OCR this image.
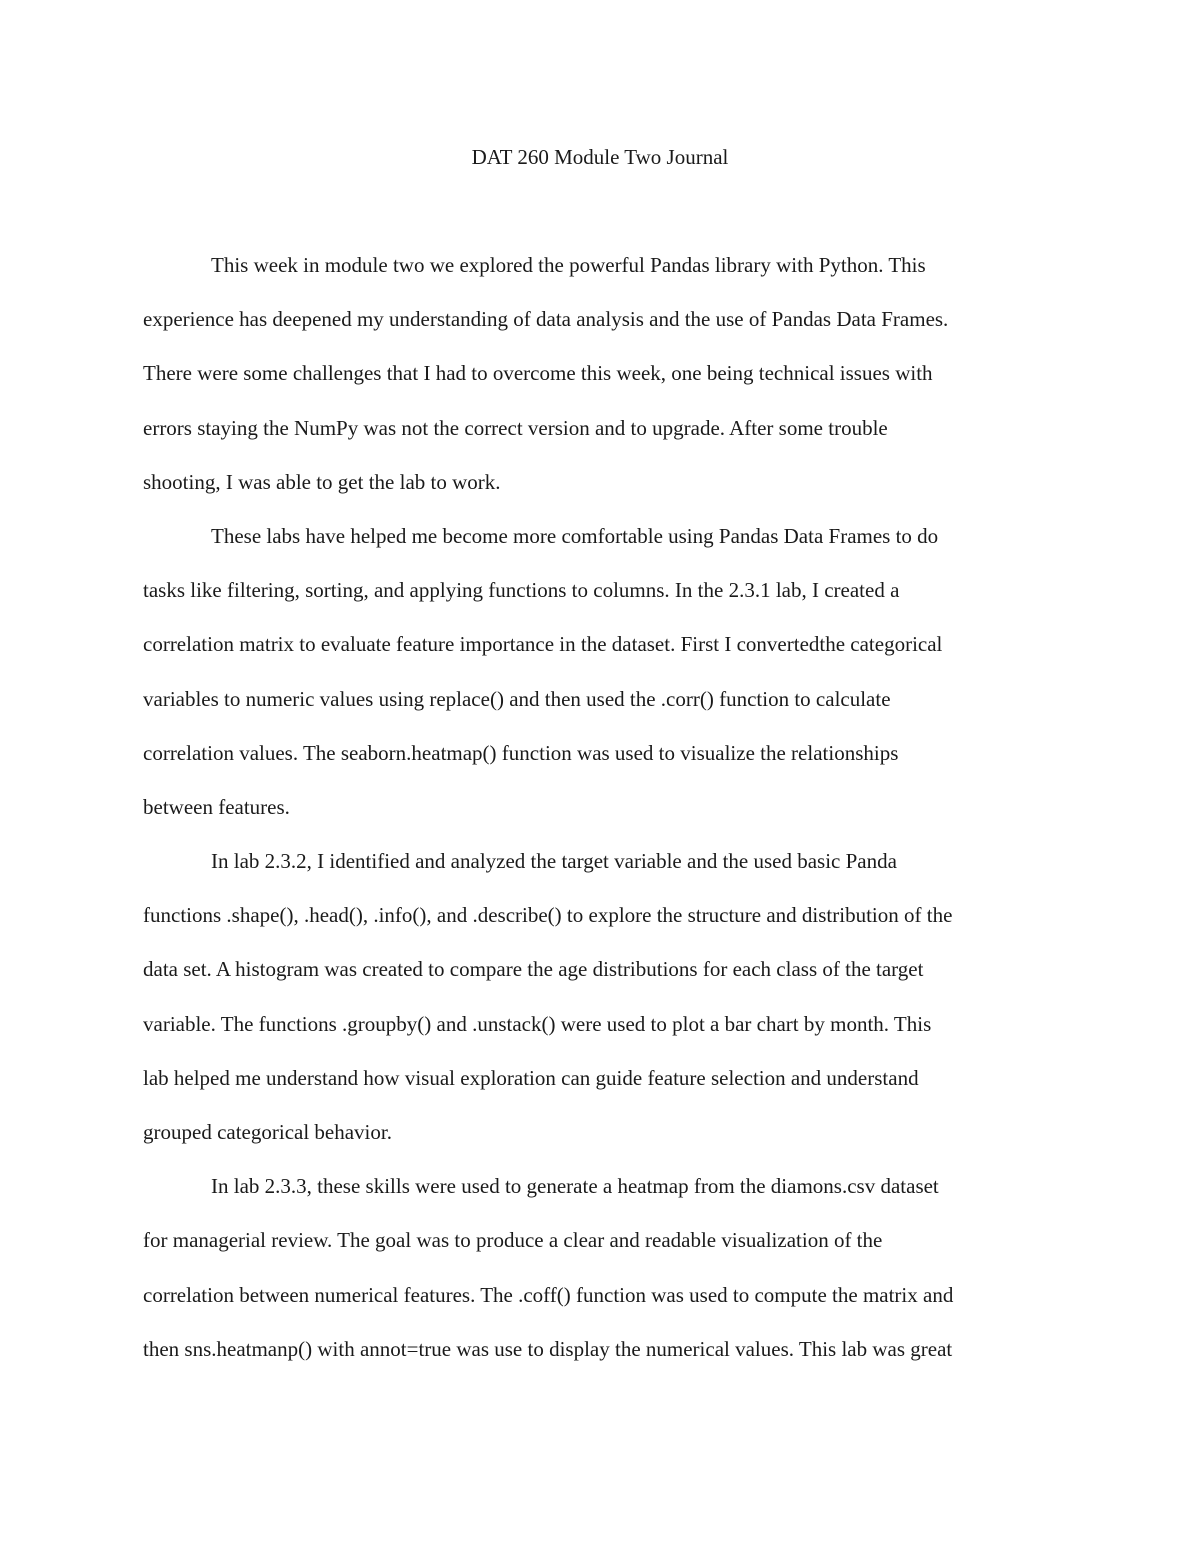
DAT 260 Module Two Journal
This week in module two we explored the powerful Pandas library with Python. This
experience has deepened my understanding of data analysis and the use of Pandas Data Frames.
There were some challenges that I had to overcome this week, one being technical issues with
errors staying the NumPy was not the correct version and to upgrade. After some trouble
shooting, I was able to get the lab to work.
These labs have helped me become more comfortable using Pandas Data Frames to do
tasks like filtering, sorting, and applying functions to columns. In the 2.3.1 lab, I created a
correlation matrix to evaluate feature importance in the dataset. First I convertedthe categorical
variables to numeric values using replace() and then used the .corr() function to calculate
correlation values. The seaborn.heatmap() function was used to visualize the relationships
between features.
In lab 2.3.2, I identified and analyzed the target variable and the used basic Panda
functions .shape(), .head(), .info(), and .describe() to explore the structure and distribution of the
data set. A histogram was created to compare the age distributions for each class of the target
variable. The functions .groupby() and .unstack() were used to plot a bar chart by month. This
lab helped me understand how visual exploration can guide feature selection and understand
grouped categorical behavior.
In lab 2.3.3, these skills were used to generate a heatmap from the diamons.csv dataset
for managerial review. The goal was to produce a clear and readable visualization of the
correlation between numerical features. The .coff() function was used to compute the matrix and
then sns.heatmanp() with annot=true was use to display the numerical values. This lab was great
